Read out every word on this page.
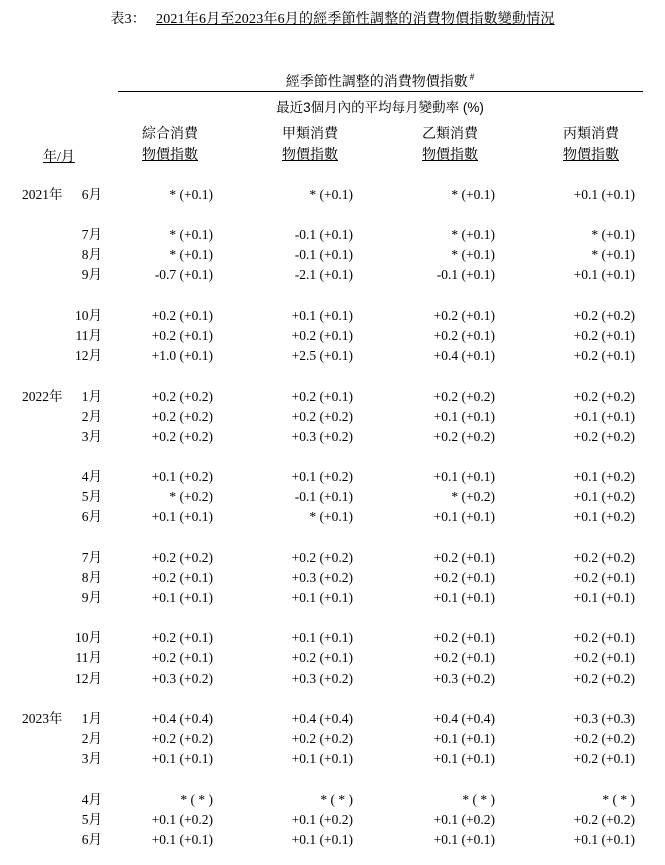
表3： 2021年6月至2023年6月的經季節性調整的消費物價指數變動情況
經季節性調整的消費物價指數 #
最近3個月內的平均每月變動率 (%)
年/月
綜合消費
物價指數
甲類消費
物價指數
乙類消費
物價指數
丙類消費
物價指數
2021年	6月	* (+0.1)	* (+0.1)	* (+0.1)	+0.1 (+0.1)
7月	* (+0.1)	-0.1 (+0.1)	* (+0.1)	* (+0.1)
8月	* (+0.1)	-0.1 (+0.1)	* (+0.1)	* (+0.1)
9月	-0.7 (+0.1)	-2.1 (+0.1)	-0.1 (+0.1)	+0.1 (+0.1)
10月	+0.2 (+0.1)	+0.1 (+0.1)	+0.2 (+0.1)	+0.2 (+0.2)
11月	+0.2 (+0.1)	+0.2 (+0.1)	+0.2 (+0.1)	+0.2 (+0.1)
12月	+1.0 (+0.1)	+2.5 (+0.1)	+0.4 (+0.1)	+0.2 (+0.1)
2022年	1月	+0.2 (+0.2)	+0.2 (+0.1)	+0.2 (+0.2)	+0.2 (+0.2)
2月	+0.2 (+0.2)	+0.2 (+0.2)	+0.1 (+0.1)	+0.1 (+0.1)
3月	+0.2 (+0.2)	+0.3 (+0.2)	+0.2 (+0.2)	+0.2 (+0.2)
4月	+0.1 (+0.2)	+0.1 (+0.2)	+0.1 (+0.1)	+0.1 (+0.2)
5月	* (+0.2)	-0.1 (+0.1)	* (+0.2)	+0.1 (+0.2)
6月	+0.1 (+0.1)	* (+0.1)	+0.1 (+0.1)	+0.1 (+0.2)
7月	+0.2 (+0.2)	+0.2 (+0.2)	+0.2 (+0.1)	+0.2 (+0.2)
8月	+0.2 (+0.1)	+0.3 (+0.2)	+0.2 (+0.1)	+0.2 (+0.1)
9月	+0.1 (+0.1)	+0.1 (+0.1)	+0.1 (+0.1)	+0.1 (+0.1)
10月	+0.2 (+0.1)	+0.1 (+0.1)	+0.2 (+0.1)	+0.2 (+0.1)
11月	+0.2 (+0.1)	+0.2 (+0.1)	+0.2 (+0.1)	+0.2 (+0.1)
12月	+0.3 (+0.2)	+0.3 (+0.2)	+0.3 (+0.2)	+0.2 (+0.2)
2023年	1月	+0.4 (+0.4)	+0.4 (+0.4)	+0.4 (+0.4)	+0.3 (+0.3)
2月	+0.2 (+0.2)	+0.2 (+0.2)	+0.1 (+0.1)	+0.2 (+0.2)
3月	+0.1 (+0.1)	+0.1 (+0.1)	+0.1 (+0.1)	+0.2 (+0.1)
4月	* ( * )	* ( * )	* ( * )	* ( * )
5月	+0.1 (+0.2)	+0.1 (+0.2)	+0.1 (+0.2)	+0.2 (+0.2)
6月	+0.1 (+0.1)	+0.1 (+0.1)	+0.1 (+0.1)	+0.1 (+0.1)
